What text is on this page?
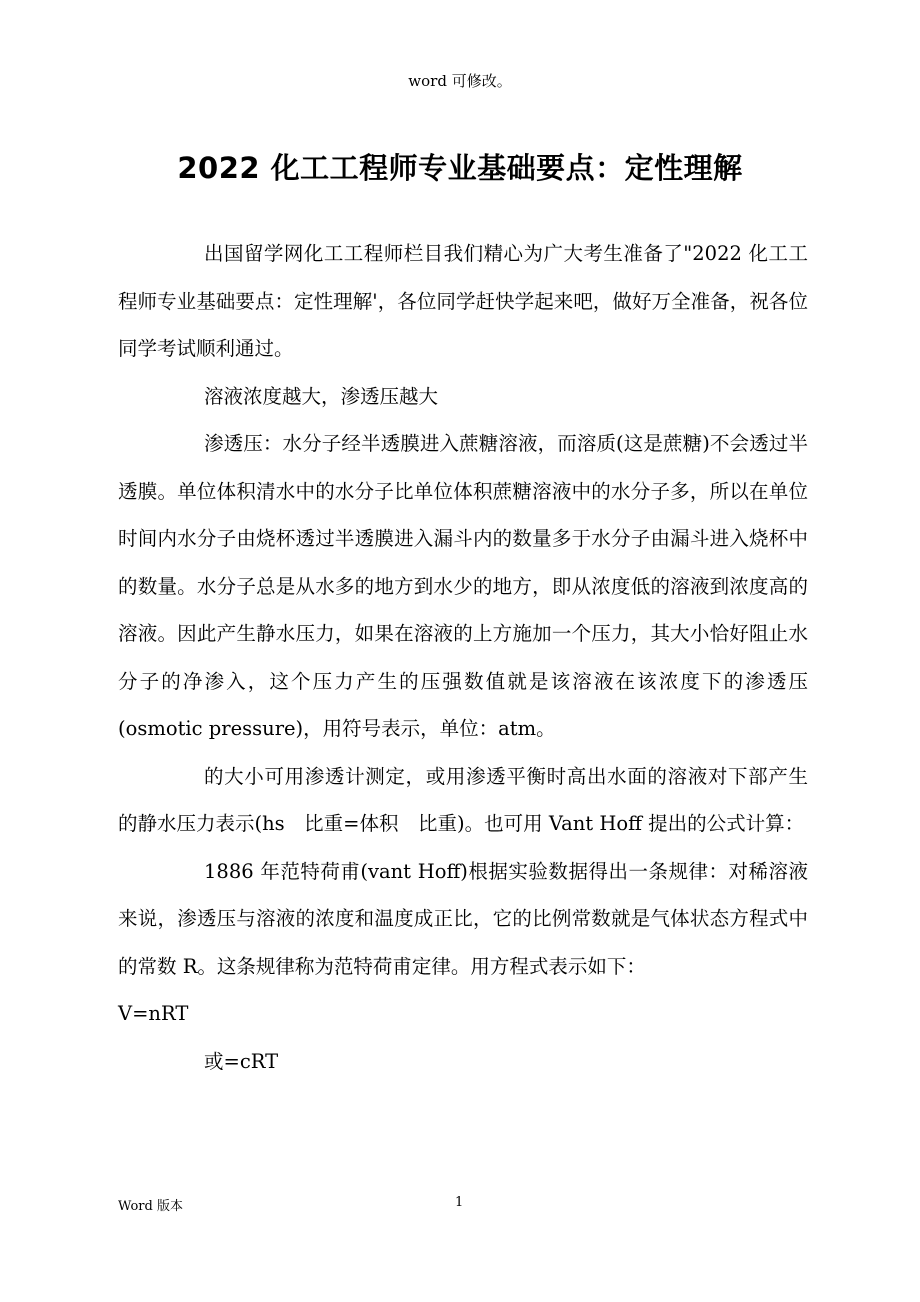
word 可修改。
2022 化工工程师专业基础要点：定性理解

出国留学网化工工程师栏目我们精心为广大考生准备了"2022 化工工程师专业基础要点：定性理解'，各位同学赶快学起来吧，做好万全准备，祝各位同学考试顺利通过。

溶液浓度越大，渗透压越大

渗透压：水分子经半透膜进入蔗糖溶液，而溶质(这是蔗糖)不会透过半透膜。单位体积清水中的水分子比单位体积蔗糖溶液中的水分子多，所以在单位时间内水分子由烧杯透过半透膜进入漏斗内的数量多于水分子由漏斗进入烧杯中的数量。水分子总是从水多的地方到水少的地方，即从浓度低的溶液到浓度高的溶液。因此产生静水压力，如果在溶液的上方施加一个压力，其大小恰好阻止水分子的净渗入，这个压力产生的压强数值就是该溶液在该浓度下的渗透压(osmotic pressure)，用符号表示，单位：atm。

的大小可用渗透计测定，或用渗透平衡时高出水面的溶液对下部产生的静水压力表示(hs　比重=体积　比重)。也可用 Vant Hoff 提出的公式计算：

1886 年范特荷甫(vant Hoff)根据实验数据得出一条规律：对稀溶液来说，渗透压与溶液的浓度和温度成正比，它的比例常数就是气体状态方程式中的常数 R。这条规律称为范特荷甫定律。用方程式表示如下：

V=nRT

或=cRT

Word 版本	1
